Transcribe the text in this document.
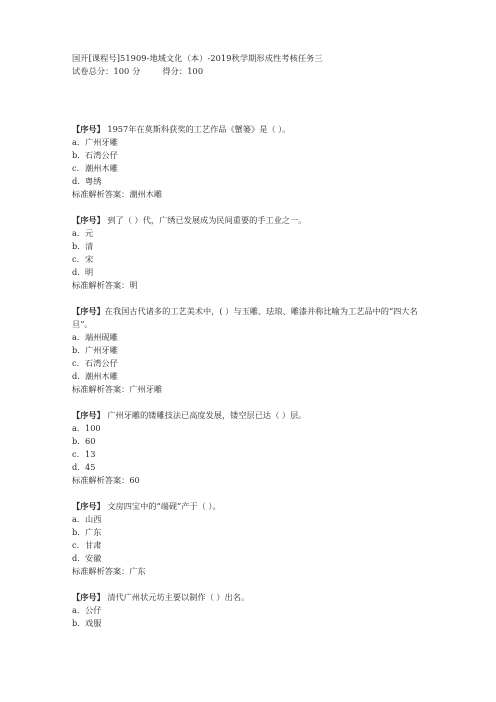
国开[课程号]51909-地域文化（本）-2019秋学期形成性考核任务三
试卷总分：100 分	得分：100

【序号】 1957年在莫斯科获奖的工艺作品《蟹篓》是（ ）。

a. 广州牙雕

b. 石湾公仔

c. 潮州木雕

d. 粤绣

标准解析答案：潮州木雕

【序号】 到了（ ）代，广绣已发展成为民间重要的手工业之一。

a. 元

b. 清

c. 宋

d. 明

标准解析答案：明

【序号】在我国古代诸多的工艺美术中，( ）与玉雕、珐琅、雕漆并称比喻为工艺品中的“四大名旦”。

a. 端州砚雕

b. 广州牙雕

c. 石湾公仔

d. 潮州木雕

标准解析答案：广州牙雕

【序号】 广州牙雕的镂雕技法已高度发展，镂空层已达（ ）层。

a. 100

b. 60

c. 13

d. 45

标准解析答案：60

【序号】 文房四宝中的“端砚”产于（ ）。

a. 山西

b. 广东

c. 甘肃

d. 安徽

标准解析答案：广东

【序号】 清代广州状元坊主要以制作（ ）出名。

a. 公仔

b. 戏服
